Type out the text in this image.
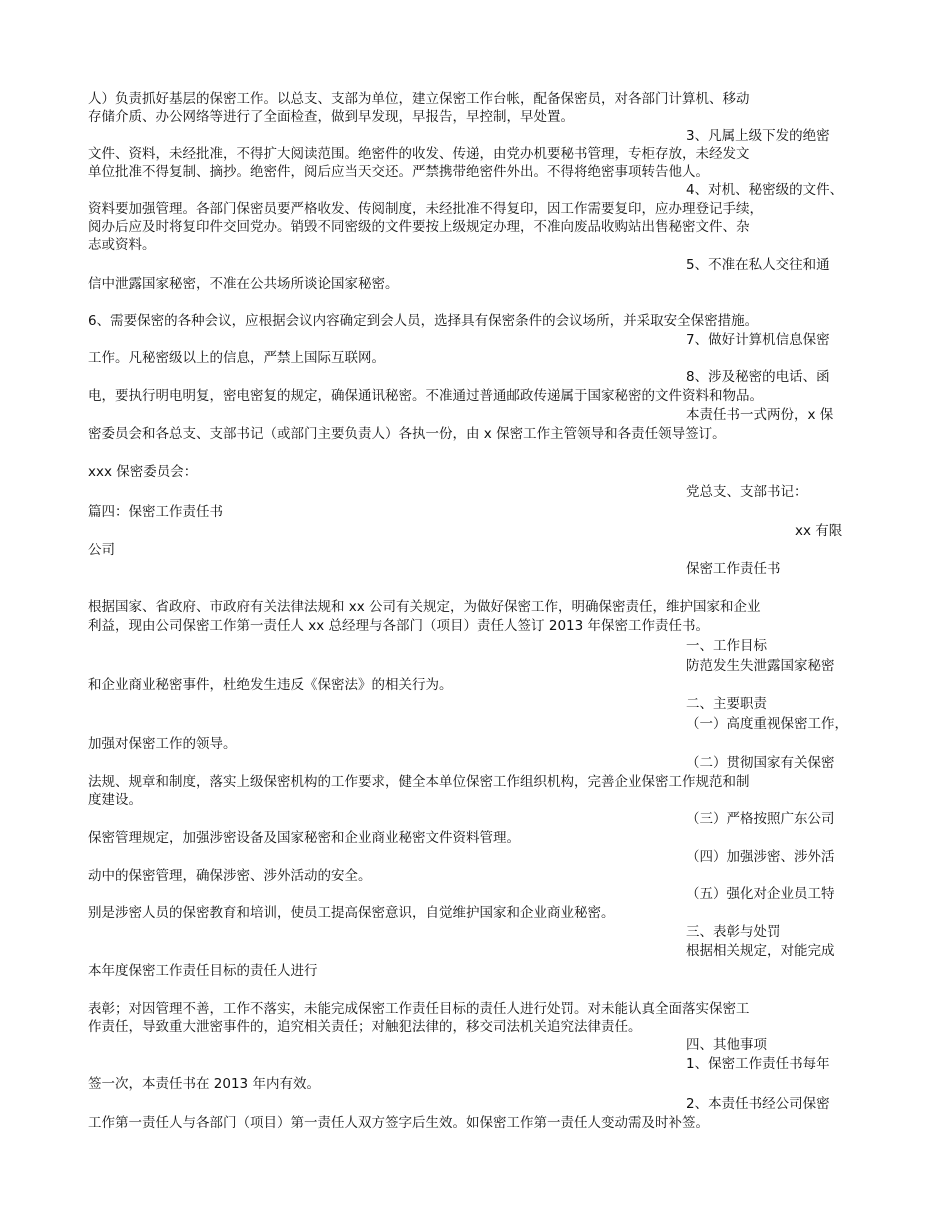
人）负责抓好基层的保密工作。以总支、支部为单位，建立保密工作台帐，配备保密员，对各部门计算机、移动
存储介质、办公网络等进行了全面检查，做到早发现，早报告，早控制，早处置。
3、凡属上级下发的绝密
文件、资料，未经批准，不得扩大阅读范围。绝密件的收发、传递，由党办机要秘书管理，专柜存放，未经发文
单位批准不得复制、摘抄。绝密件，阅后应当天交还。严禁携带绝密件外出。不得将绝密事项转告他人。
4、对机、秘密级的文件、
资料要加强管理。各部门保密员要严格收发、传阅制度，未经批准不得复印，因工作需要复印，应办理登记手续，
阅办后应及时将复印件交回党办。销毁不同密级的文件要按上级规定办理，不准向废品收购站出售秘密文件、杂
志或资料。
5、不准在私人交往和通
信中泄露国家秘密，不准在公共场所谈论国家秘密。
6、需要保密的各种会议，应根据会议内容确定到会人员，选择具有保密条件的会议场所，并采取安全保密措施。
7、做好计算机信息保密
工作。凡秘密级以上的信息，严禁上国际互联网。
8、涉及秘密的电话、函
电，要执行明电明复，密电密复的规定，确保通讯秘密。不准通过普通邮政传递属于国家秘密的文件资料和物品。
本责任书一式两份，x 保
密委员会和各总支、支部书记（或部门主要负责人）各执一份，由 x 保密工作主管领导和各责任领导签订。
xxx 保密委员会：
党总支、支部书记：
篇四：保密工作责任书
xx 有限
公司
保密工作责任书
根据国家、省政府、市政府有关法律法规和 xx 公司有关规定，为做好保密工作，明确保密责任，维护国家和企业
利益，现由公司保密工作第一责任人 xx 总经理与各部门（项目）责任人签订 2013 年保密工作责任书。
一、工作目标
防范发生失泄露国家秘密
和企业商业秘密事件，杜绝发生违反《保密法》的相关行为。
二、主要职责
（一）高度重视保密工作，
加强对保密工作的领导。
（二）贯彻国家有关保密
法规、规章和制度，落实上级保密机构的工作要求，健全本单位保密工作组织机构，完善企业保密工作规范和制
度建设。
（三）严格按照广东公司
保密管理规定，加强涉密设备及国家秘密和企业商业秘密文件资料管理。
（四）加强涉密、涉外活
动中的保密管理，确保涉密、涉外活动的安全。
（五）强化对企业员工特
别是涉密人员的保密教育和培训，使员工提高保密意识，自觉维护国家和企业商业秘密。
三、表彰与处罚
根据相关规定，对能完成
本年度保密工作责任目标的责任人进行
表彰；对因管理不善，工作不落实，未能完成保密工作责任目标的责任人进行处罚。对未能认真全面落实保密工
作责任，导致重大泄密事件的，追究相关责任；对触犯法律的，移交司法机关追究法律责任。
四、其他事项
1、保密工作责任书每年
签一次，本责任书在 2013 年内有效。
2、本责任书经公司保密
工作第一责任人与各部门（项目）第一责任人双方签字后生效。如保密工作第一责任人变动需及时补签。
